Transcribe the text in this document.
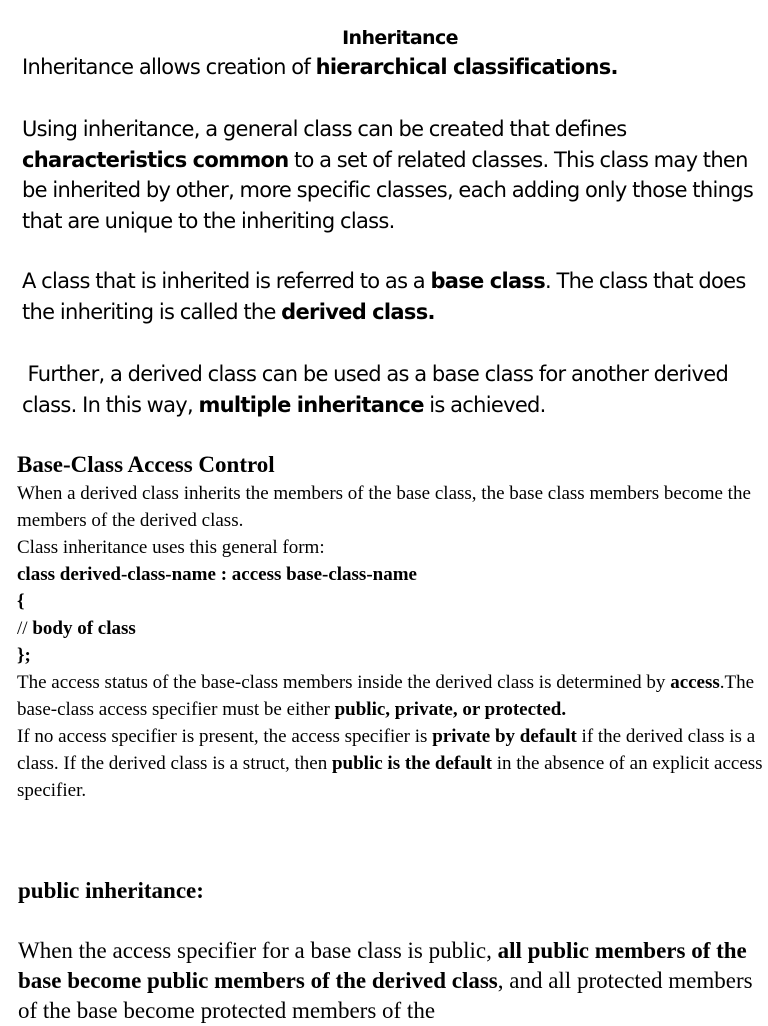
Inheritance

Inheritance allows creation of hierarchical classifications.

Using inheritance, a general class can be created that defines characteristics common to a set of related classes. This class may then be inherited by other, more specific classes, each adding only those things that are unique to the inheriting class.

A class that is inherited is referred to as a base class. The class that does the inheriting is called the derived class.

Further, a derived class can be used as a base class for another derived class. In this way, multiple inheritance is achieved.

Base-Class Access Control

When a derived class inherits the members of the base class, the base class members become the members of the derived class.

Class inheritance uses this general form:

class derived-class-name : access base-class-name

{

// body of class

};

The access status of the base-class members inside the derived class is determined by access.The base-class access specifier must be either public, private, or protected.

If no access specifier is present, the access specifier is private by default if the derived class is a class. If the derived class is a struct, then public is the default in the absence of an explicit access specifier.

public inheritance:

When the access specifier for a base class is public, all public members of the base become public members of the derived class, and all protected members of the base become protected members of the
